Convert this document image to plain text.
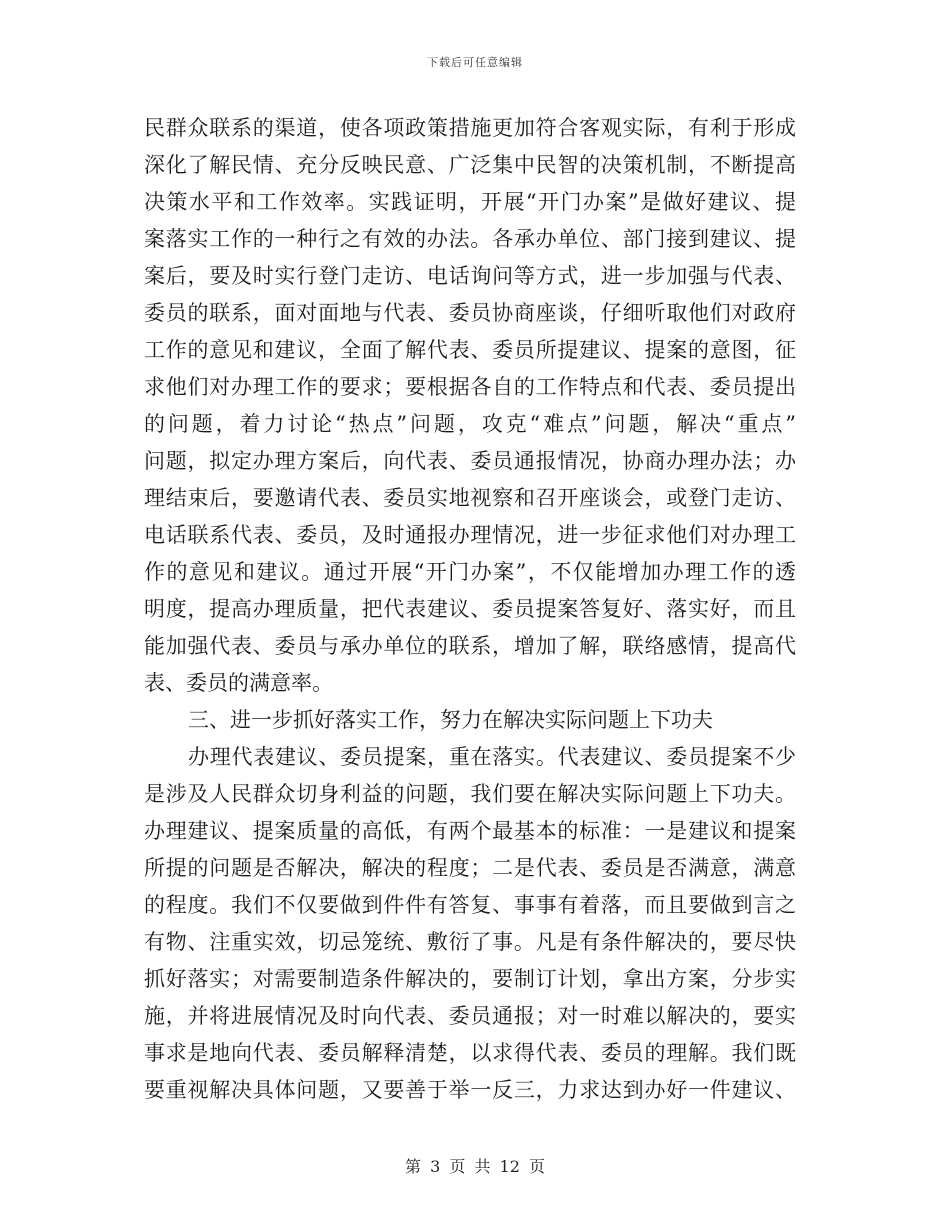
下载后可任意编辑
民群众联系的渠道，使各项政策措施更加符合客观实际，有利于形成
深化了解民情、充分反映民意、广泛集中民智的决策机制，不断提高
决策水平和工作效率。实践证明，开展“开门办案”是做好建议、提
案落实工作的一种行之有效的办法。各承办单位、部门接到建议、提
案后，要及时实行登门走访、电话询问等方式，进一步加强与代表、
委员的联系，面对面地与代表、委员协商座谈，仔细听取他们对政府
工作的意见和建议，全面了解代表、委员所提建议、提案的意图，征
求他们对办理工作的要求；要根据各自的工作特点和代表、委员提出
的问题，着力讨论“热点”问题，攻克“难点”问题，解决“重点”
问题，拟定办理方案后，向代表、委员通报情况，协商办理办法；办
理结束后，要邀请代表、委员实地视察和召开座谈会，或登门走访、
电话联系代表、委员，及时通报办理情况，进一步征求他们对办理工
作的意见和建议。通过开展“开门办案”，不仅能增加办理工作的透
明度，提高办理质量，把代表建议、委员提案答复好、落实好，而且
能加强代表、委员与承办单位的联系，增加了解，联络感情，提高代
表、委员的满意率。
三、进一步抓好落实工作，努力在解决实际问题上下功夫
办理代表建议、委员提案，重在落实。代表建议、委员提案不少
是涉及人民群众切身利益的问题，我们要在解决实际问题上下功夫。
办理建议、提案质量的高低，有两个最基本的标准：一是建议和提案
所提的问题是否解决，解决的程度；二是代表、委员是否满意，满意
的程度。我们不仅要做到件件有答复、事事有着落，而且要做到言之
有物、注重实效，切忌笼统、敷衍了事。凡是有条件解决的，要尽快
抓好落实；对需要制造条件解决的，要制订计划，拿出方案，分步实
施，并将进展情况及时向代表、委员通报；对一时难以解决的，要实
事求是地向代表、委员解释清楚，以求得代表、委员的理解。我们既
要重视解决具体问题，又要善于举一反三，力求达到办好一件建议、
第 3 页 共 12 页
